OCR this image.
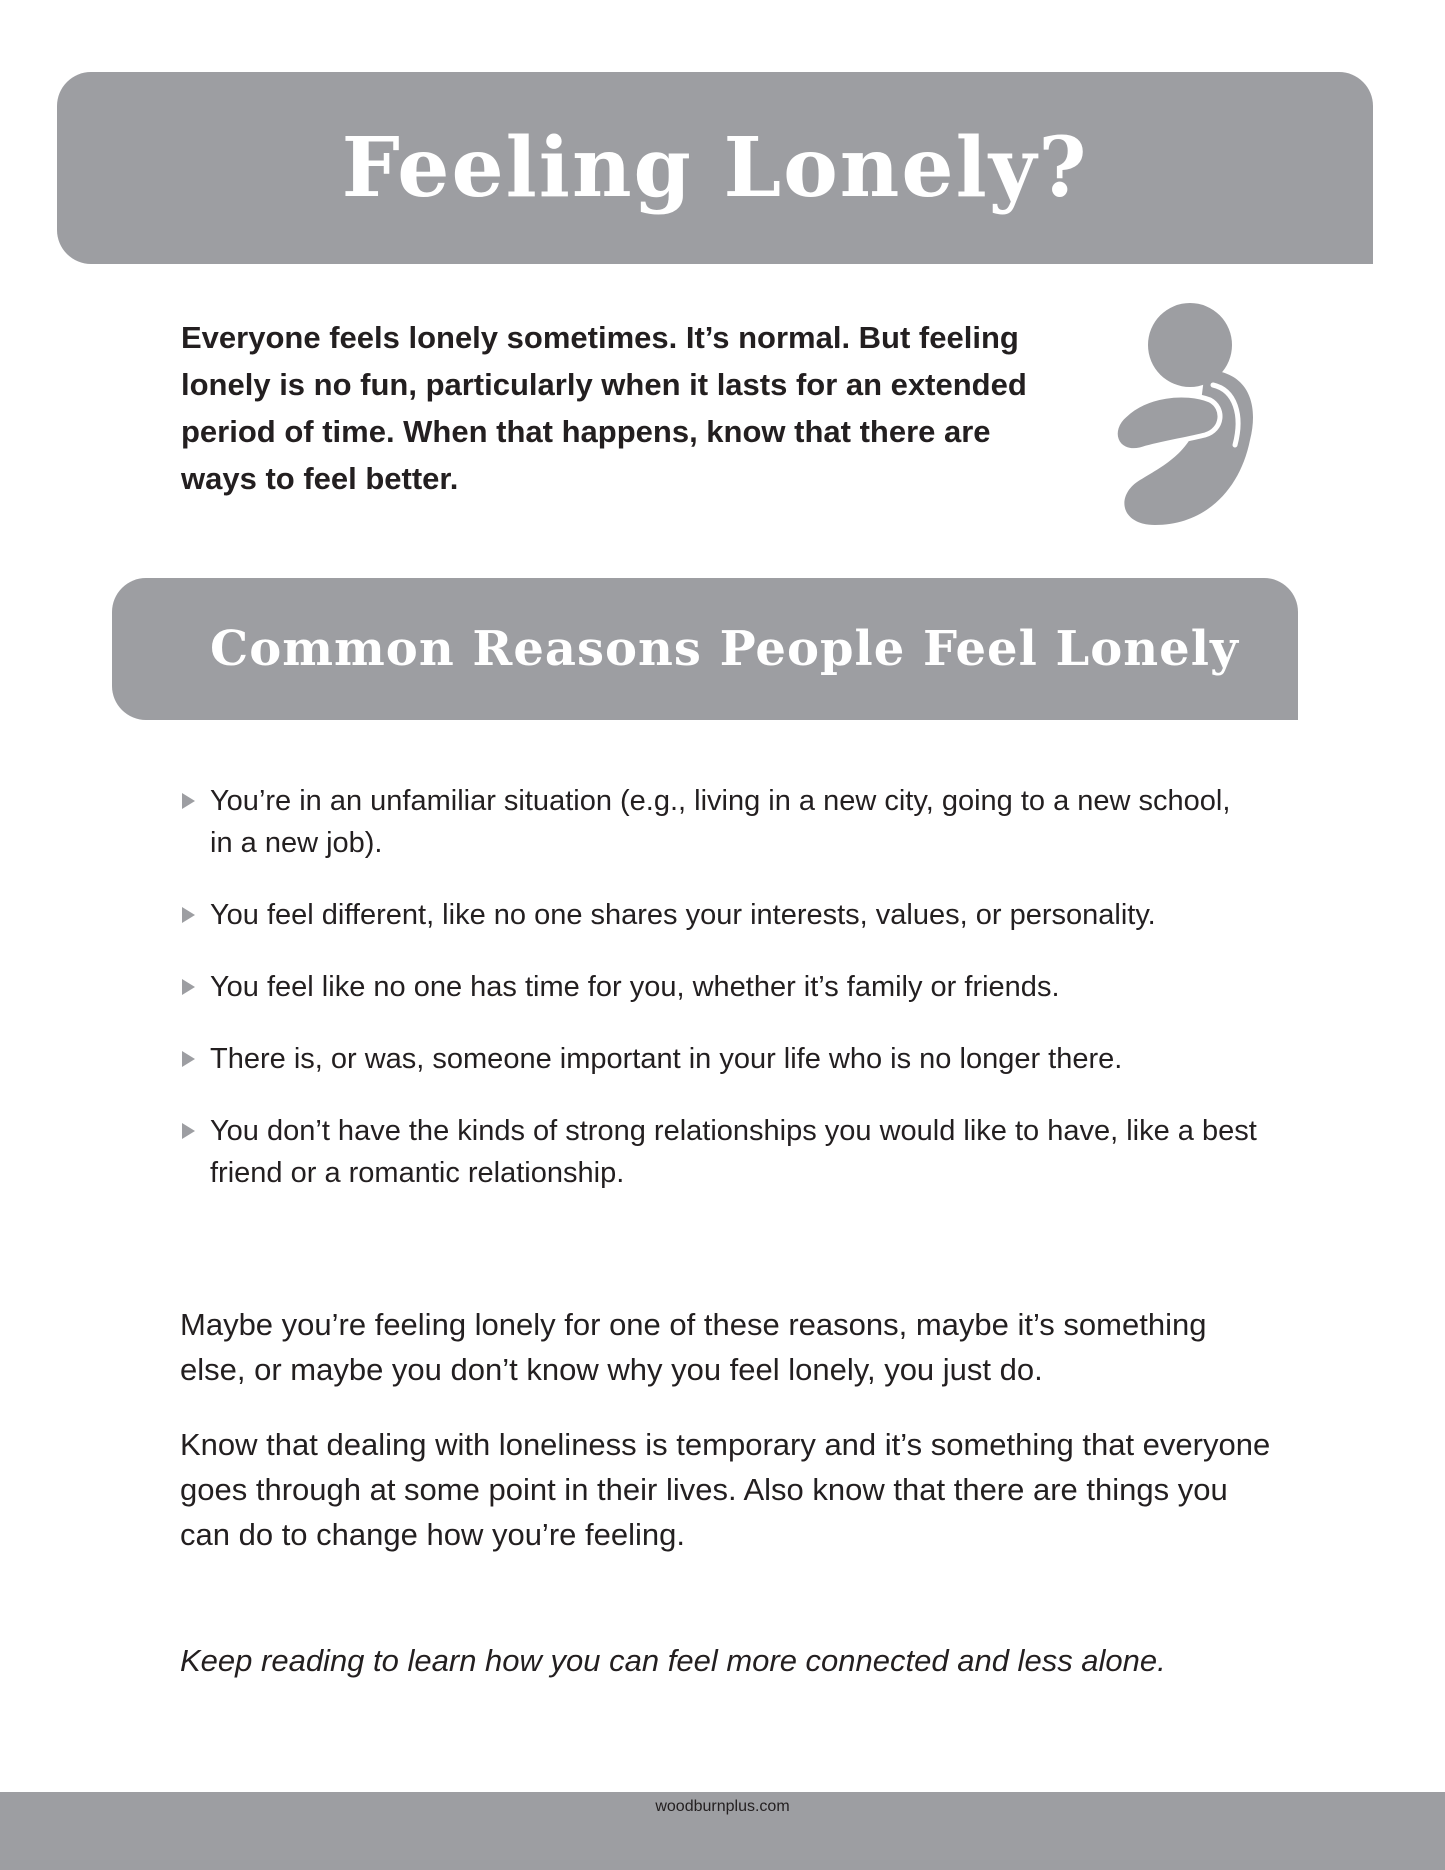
Feeling Lonely?

Everyone feels lonely sometimes. It’s normal. But feeling lonely is no fun, particularly when it lasts for an extended period of time. When that happens, know that there are ways to feel better.

Common Reasons People Feel Lonely
You’re in an unfamiliar situation (e.g., living in a new city, going to a new school, in a new job).
You feel different, like no one shares your interests, values, or personality.
You feel like no one has time for you, whether it’s family or friends.
There is, or was, someone important in your life who is no longer there.
You don’t have the kinds of strong relationships you would like to have, like a best friend or a romantic relationship.

Maybe you’re feeling lonely for one of these reasons, maybe it’s something else, or maybe you don’t know why you feel lonely, you just do.

Know that dealing with loneliness is temporary and it’s something that everyone goes through at some point in their lives. Also know that there are things you can do to change how you’re feeling.

Keep reading to learn how you can feel more connected and less alone.

woodburnplus.com
